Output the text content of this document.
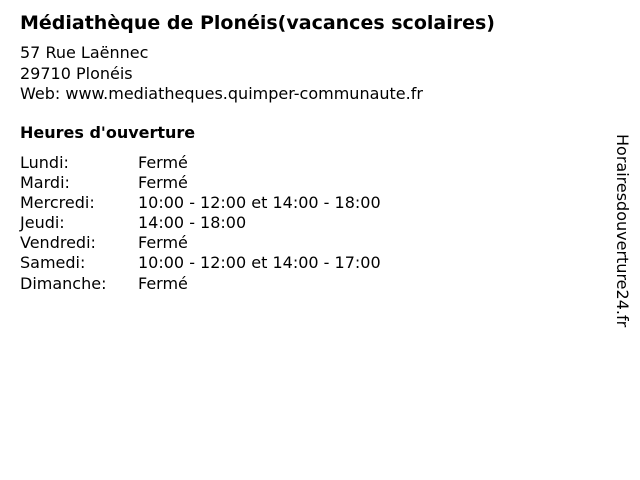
Médiathèque de Plonéis(vacances scolaires)
57 Rue Laënnec
29710 Plonéis
Web: www.mediatheques.quimper-communaute.fr
Heures d'ouverture
Lundi:	Fermé
Mardi:	Fermé
Mercredi:	10:00 - 12:00 et 14:00 - 18:00
Jeudi:	14:00 - 18:00
Vendredi:	Fermé
Samedi:	10:00 - 12:00 et 14:00 - 17:00
Dimanche:	Fermé	Horairesdouverture24.fr
